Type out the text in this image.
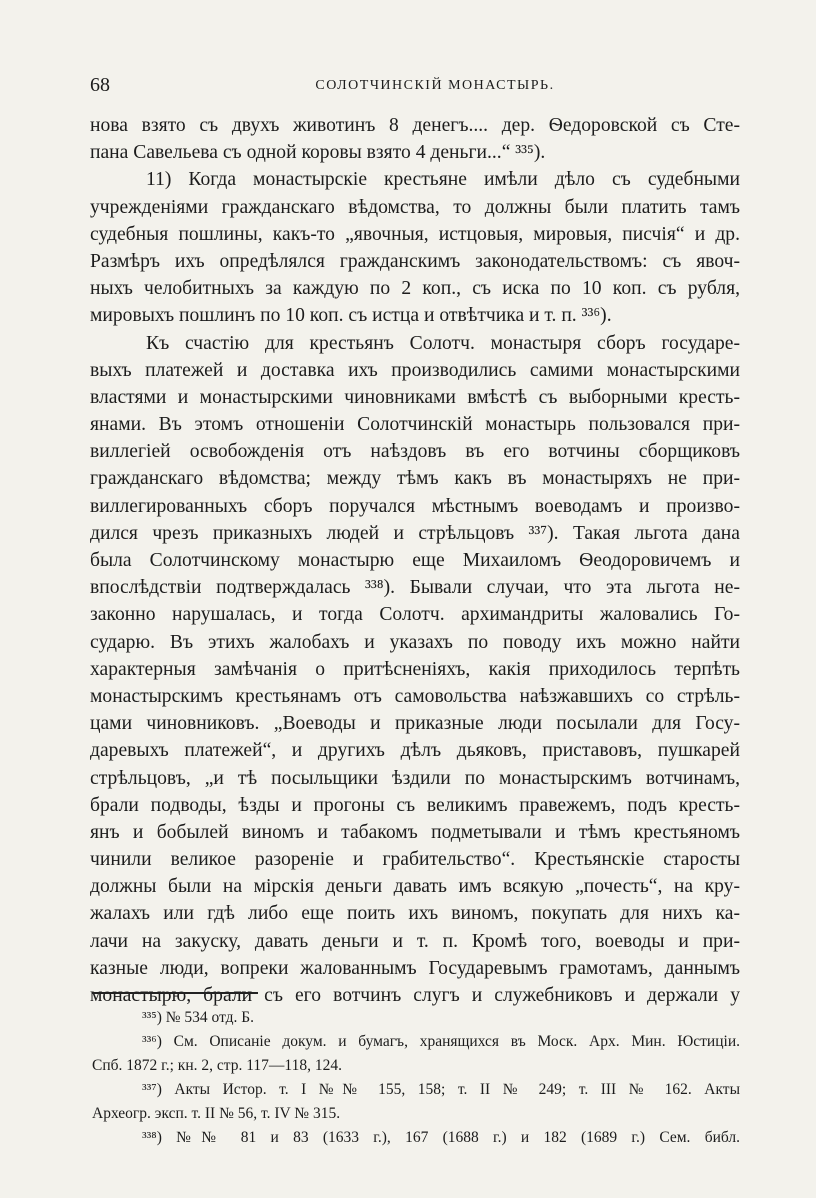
68	СОЛОТЧИНСКІЙ МОНАСТЫРЬ.
нова взято съ двухъ животинъ 8 денегъ.... дер. Ѳедоровской съ Сте-
пана Савельева съ одной коровы взято 4 деньги...“ ³³⁵).
11) Когда монастырскіе крестьяне имѣли дѣло съ судебными
учрежденіями гражданскаго вѣдомства, то должны были платить тамъ
судебныя пошлины, какъ-то „явочныя, истцовыя, мировыя, писчія“ и др.
Размѣръ ихъ опредѣлялся гражданскимъ законодательствомъ: съ явоч-
ныхъ челобитныхъ за каждую по 2 коп., съ иска по 10 коп. съ рубля,
мировыхъ пошлинъ по 10 коп. съ истца и отвѣтчика и т. п. ³³⁶).
Къ счастію для крестьянъ Солотч. монастыря сборъ государе-
выхъ платежей и доставка ихъ производились самими монастырскими
властями и монастырскими чиновниками вмѣстѣ съ выборными кресть-
янами. Въ этомъ отношеніи Солотчинскій монастырь пользовался при-
виллегіей освобожденія отъ наѣздовъ въ его вотчины сборщиковъ
гражданскаго вѣдомства; между тѣмъ какъ въ монастыряхъ не при-
виллегированныхъ сборъ поручался мѣстнымъ воеводамъ и произво-
дился чрезъ приказныхъ людей и стрѣльцовъ ³³⁷). Такая льгота дана
была Солотчинскому монастырю еще Михаиломъ Ѳеодоровичемъ и
впослѣдствіи подтверждалась ³³⁸). Бывали случаи, что эта льгота не-
законно нарушалась, и тогда Солотч. архимандриты жаловались Го-
сударю. Въ этихъ жалобахъ и указахъ по поводу ихъ можно найти
характерныя замѣчанія о притѣсненіяхъ, какія приходилось терпѣть
монастырскимъ крестьянамъ отъ самовольства наѣзжавшихъ со стрѣль-
цами чиновниковъ. „Воеводы и приказные люди посылали для Госу-
даревыхъ платежей“, и другихъ дѣлъ дьяковъ, приставовъ, пушкарей
стрѣльцовъ, „и тѣ посыльщики ѣздили по монастырскимъ вотчинамъ,
брали подводы, ѣзды и прогоны съ великимъ правежемъ, подъ кресть-
янъ и бобылей виномъ и табакомъ подметывали и тѣмъ крестьяномъ
чинили великое разореніе и грабительство“. Крестьянскіе старосты
должны были на мірскія деньги давать имъ всякую „почесть“, на кру-
жалахъ или гдѣ либо еще поить ихъ виномъ, покупать для нихъ ка-
лачи на закуску, давать деньги и т. п. Кромѣ того, воеводы и при-
казные люди, вопреки жалованнымъ Государевымъ грамотамъ, даннымъ
монастырю, брали съ его вотчинъ слугъ и служебниковъ и держали у
³³⁵) № 534 отд. Б.
³³⁶) См. Описаніе докум. и бумагъ, хранящихся въ Моск. Арх. Мин. Юстиціи.
Спб. 1872 г.; кн. 2, стр. 117—118, 124.
³³⁷) Акты Истор. т. I №№ 155, 158; т. II № 249; т. III № 162. Акты
Археогр. эксп. т. II № 56, т. IV № 315.
³³⁸) №№ 81 и 83 (1633 г.), 167 (1688 г.) и 182 (1689 г.) Сем. библ.
